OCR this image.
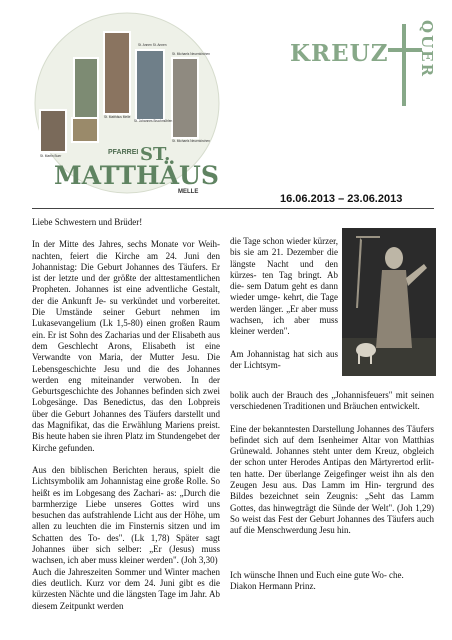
St. Johannes Bruchmühlen
St. Matthäus Melle
St. Michaels Neuenkirchen
St. Annen St. Annen
St. Martin Buer
St. Michaels Neuenkirchen
PFARREI ST.
MATTHÄUS
MELLE
KREUZ QUER
16.06.2013 – 23.06.2013

Liebe Schwestern und Brüder!

In der Mitte des Jahres, sechs Monate vor Weih- nachten, feiert die Kirche am 24. Juni den Johannistag: Die Geburt Johannes des Täufers. Er ist der letzte und der größte der alttestamentlichen Propheten. Johannes ist eine adventliche Gestalt, der die Ankunft Je- su verkündet und vorbereitet. Die Umstände seiner Geburt nehmen im Lukasevangelium (Lk 1,5-80) einen großen Raum ein. Er ist Sohn des Zacharias und der Elisabeth aus dem Geschlecht Arons, Elisabeth ist eine Verwandte von Maria, der Mutter Jesu. Die Lebensgeschichte Jesu und die des Johannes werden eng miteinander verwoben. In der Geburtsgeschichte des Johannes befinden sich zwei Lobgesänge. Das Benedictus, das den Lobpreis über die Geburt Johannes des Täufers darstellt und das Magnifikat, das die Erwählung Mariens preist. Bis heute haben sie ihren Platz im Stundengebet der Kirche gefunden.

Aus den biblischen Berichten heraus, spielt die Lichtsymbolik am Johannistag eine große Rolle. So heißt es im Lobgesang des Zachari- as: „Durch die barmherzige Liebe unseres Gottes wird uns besuchen das aufstrahlende Licht aus der Höhe, um allen zu leuchten die im Finsternis sitzen und im Schatten des To- des". (Lk 1,78) Später sagt Johannes über sich selber: „Er (Jesus) muss wachsen, ich aber muss kleiner werden". (Joh 3,30)

Auch die Jahreszeiten Sommer und Winter machen dies deutlich. Kurz vor dem 24. Juni gibt es die kürzesten Nächte und die längsten Tage im Jahr. Ab diesem Zeitpunkt werden

die Tage schon wieder kürzer, bis sie am 21. Dezember die längste Nacht und den kürzes- ten Tag bringt. Ab die- sem Datum geht es dann wieder umge- kehrt, die Tage werden länger. „Er aber muss wachsen, ich aber muss kleiner werden".

Am Johannistag hat sich aus der Lichtsym-

bolik auch der Brauch des „Johannisfeuers" mit seinen verschiedenen Traditionen und Bräuchen entwickelt.

Eine der bekanntesten Darstellung Johannes des Täufers befindet sich auf dem Isenheimer Altar von Matthias Grünewald. Johannes steht unter dem Kreuz, obgleich der schon unter Herodes Antipas den Märtyrertod erlit- ten hatte. Der überlange Zeigefinger weist ihn als den Zeugen Jesu aus. Das Lamm im Hin- tergrund des Bildes bezeichnet sein Zeugnis: „Seht das Lamm Gottes, das hinwegträgt die Sünde der Welt". (Joh 1,29) So weist das Fest der Geburt Johannes des Täufers auch auf die Menschwerdung Jesu hin.

Ich wünsche Ihnen und Euch eine gute Wo- che.

Diakon Hermann Prinz.
